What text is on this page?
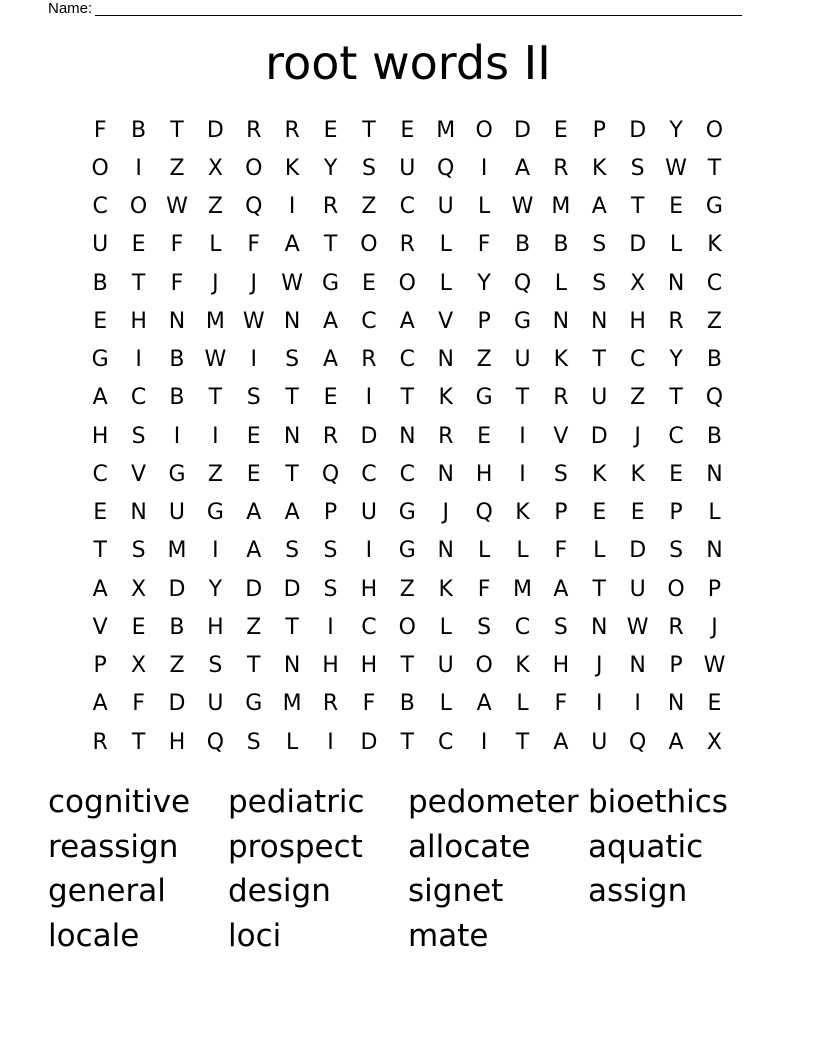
Name:
root words II
F	B	T	D	R	R	E	T	E M O D	E	P	D	Y	O
O	I	Z	X	O	K	Y	S	U Q	I	A	R	K	S W T
C	O W Z	Q	I	R	Z	C	U	L W M A	T	E	G
U	E	F	L	F	A	T	O	R	L	F	B	B	S	D	L	K
B	T	F	J	J	W G	E	O	L	Y	Q	L	S	X	N	C
E	H N M W N	A	C	A	V	P	G N N H	R	Z
G	I	B W	I	S	A	R	C	N	Z	U	K	T	C	Y	B
A	C	B	T	S	T	E	I	T	K	G	T	R	U	Z	T	Q
H	S	I	I	E	N	R	D N	R	E	I	V	D	J	C	B
C	V	G	Z	E	T	Q	C	C	N H	I	S	K	K	E	N
E	N	U G	A	A	P	U G	J	Q	K	P	E	E	P	L
T	S M	I	A	S	S	I	G N	L	L	F	L	D	S	N
A	X	D	Y	D D	S	H	Z	K	F	M A	T	U O	P
V	E	B	H	Z	T	I	C	O	L	S	C	S	N W R	J
P	X	Z	S	T	N H H	T	U O	K	H	J	N	P W
A	F	D U G M R	F	B	L	A	L	F	I	I	N	E
R	T	H Q	S	L	I	D	T	C	I	T	A	U Q	A	X
cognitive	pediatric	pedometer bioethics
reassign	prospect	allocate	aquatic
general	design	signet	assign
locale	loci	mate
